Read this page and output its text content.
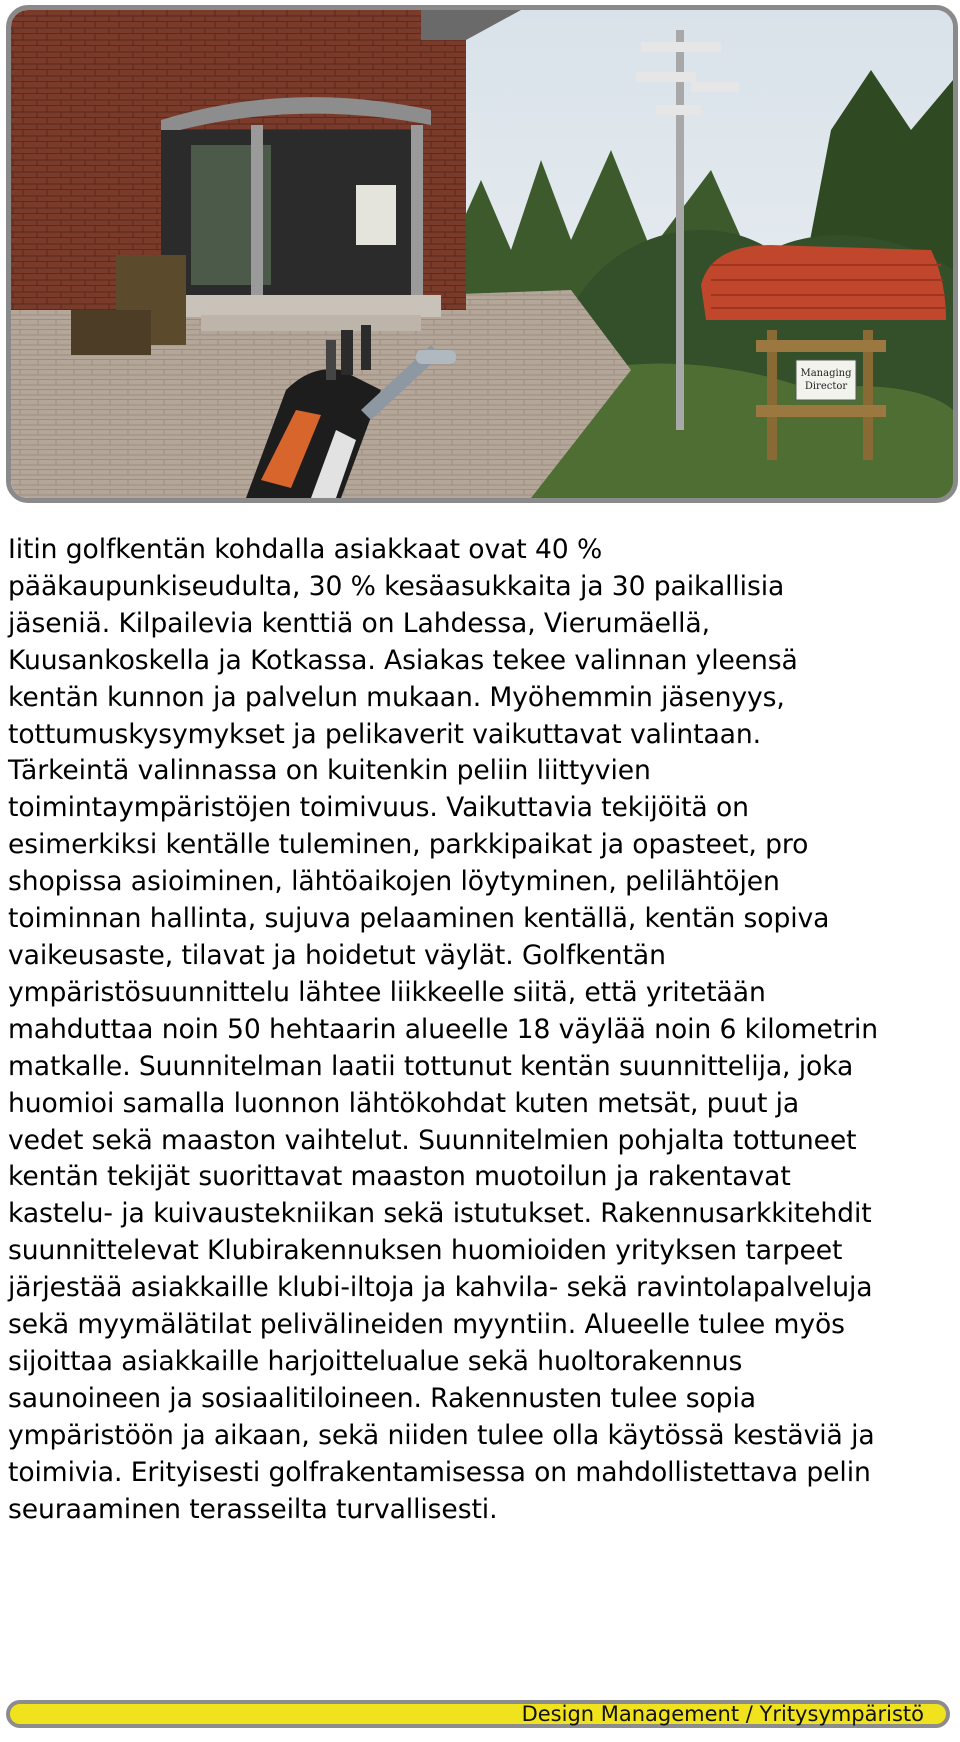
Managing
Director

Iitin golfkentän kohdalla asiakkaat ovat 40 %
pääkaupunkiseudulta, 30 % kesäasukkaita ja 30 paikallisia
jäseniä. Kilpailevia kenttiä on Lahdessa, Vierumäellä,
Kuusankoskella ja Kotkassa. Asiakas tekee valinnan yleensä
kentän kunnon ja palvelun mukaan. Myöhemmin jäsenyys,
tottumuskysymykset ja pelikaverit vaikuttavat valintaan.
Tärkeintä valinnassa on kuitenkin peliin liittyvien
toimintaympäristöjen toimivuus. Vaikuttavia tekijöitä on
esimerkiksi kentälle tuleminen, parkkipaikat ja opasteet, pro
shopissa asioiminen, lähtöaikojen löytyminen, pelilähtöjen
toiminnan hallinta, sujuva pelaaminen kentällä, kentän sopiva
vaikeusaste, tilavat ja hoidetut väylät. Golfkentän
ympäristösuunnittelu lähtee liikkeelle siitä, että yritetään
mahduttaa noin 50 hehtaarin alueelle 18 väylää noin 6 kilometrin
matkalle. Suunnitelman laatii tottunut kentän suunnittelija, joka
huomioi samalla luonnon lähtökohdat kuten metsät, puut ja
vedet sekä maaston vaihtelut. Suunnitelmien pohjalta tottuneet
kentän tekijät suorittavat maaston muotoilun ja rakentavat
kastelu- ja kuivaustekniikan sekä istutukset. Rakennusarkkitehdit
suunnittelevat Klubirakennuksen huomioiden yrityksen tarpeet
järjestää asiakkaille klubi-iltoja ja kahvila- sekä ravintolapalveluja
sekä myymälätilat pelivälineiden myyntiin. Alueelle tulee myös
sijoittaa asiakkaille harjoittelualue sekä huoltorakennus
saunoineen ja sosiaalitiloineen. Rakennusten tulee sopia
ympäristöön ja aikaan, sekä niiden tulee olla käytössä kestäviä ja
toimivia. Erityisesti golfrakentamisessa on mahdollistettava pelin
seuraaminen terasseilta turvallisesti.

Design Management / Yritysympäristö
